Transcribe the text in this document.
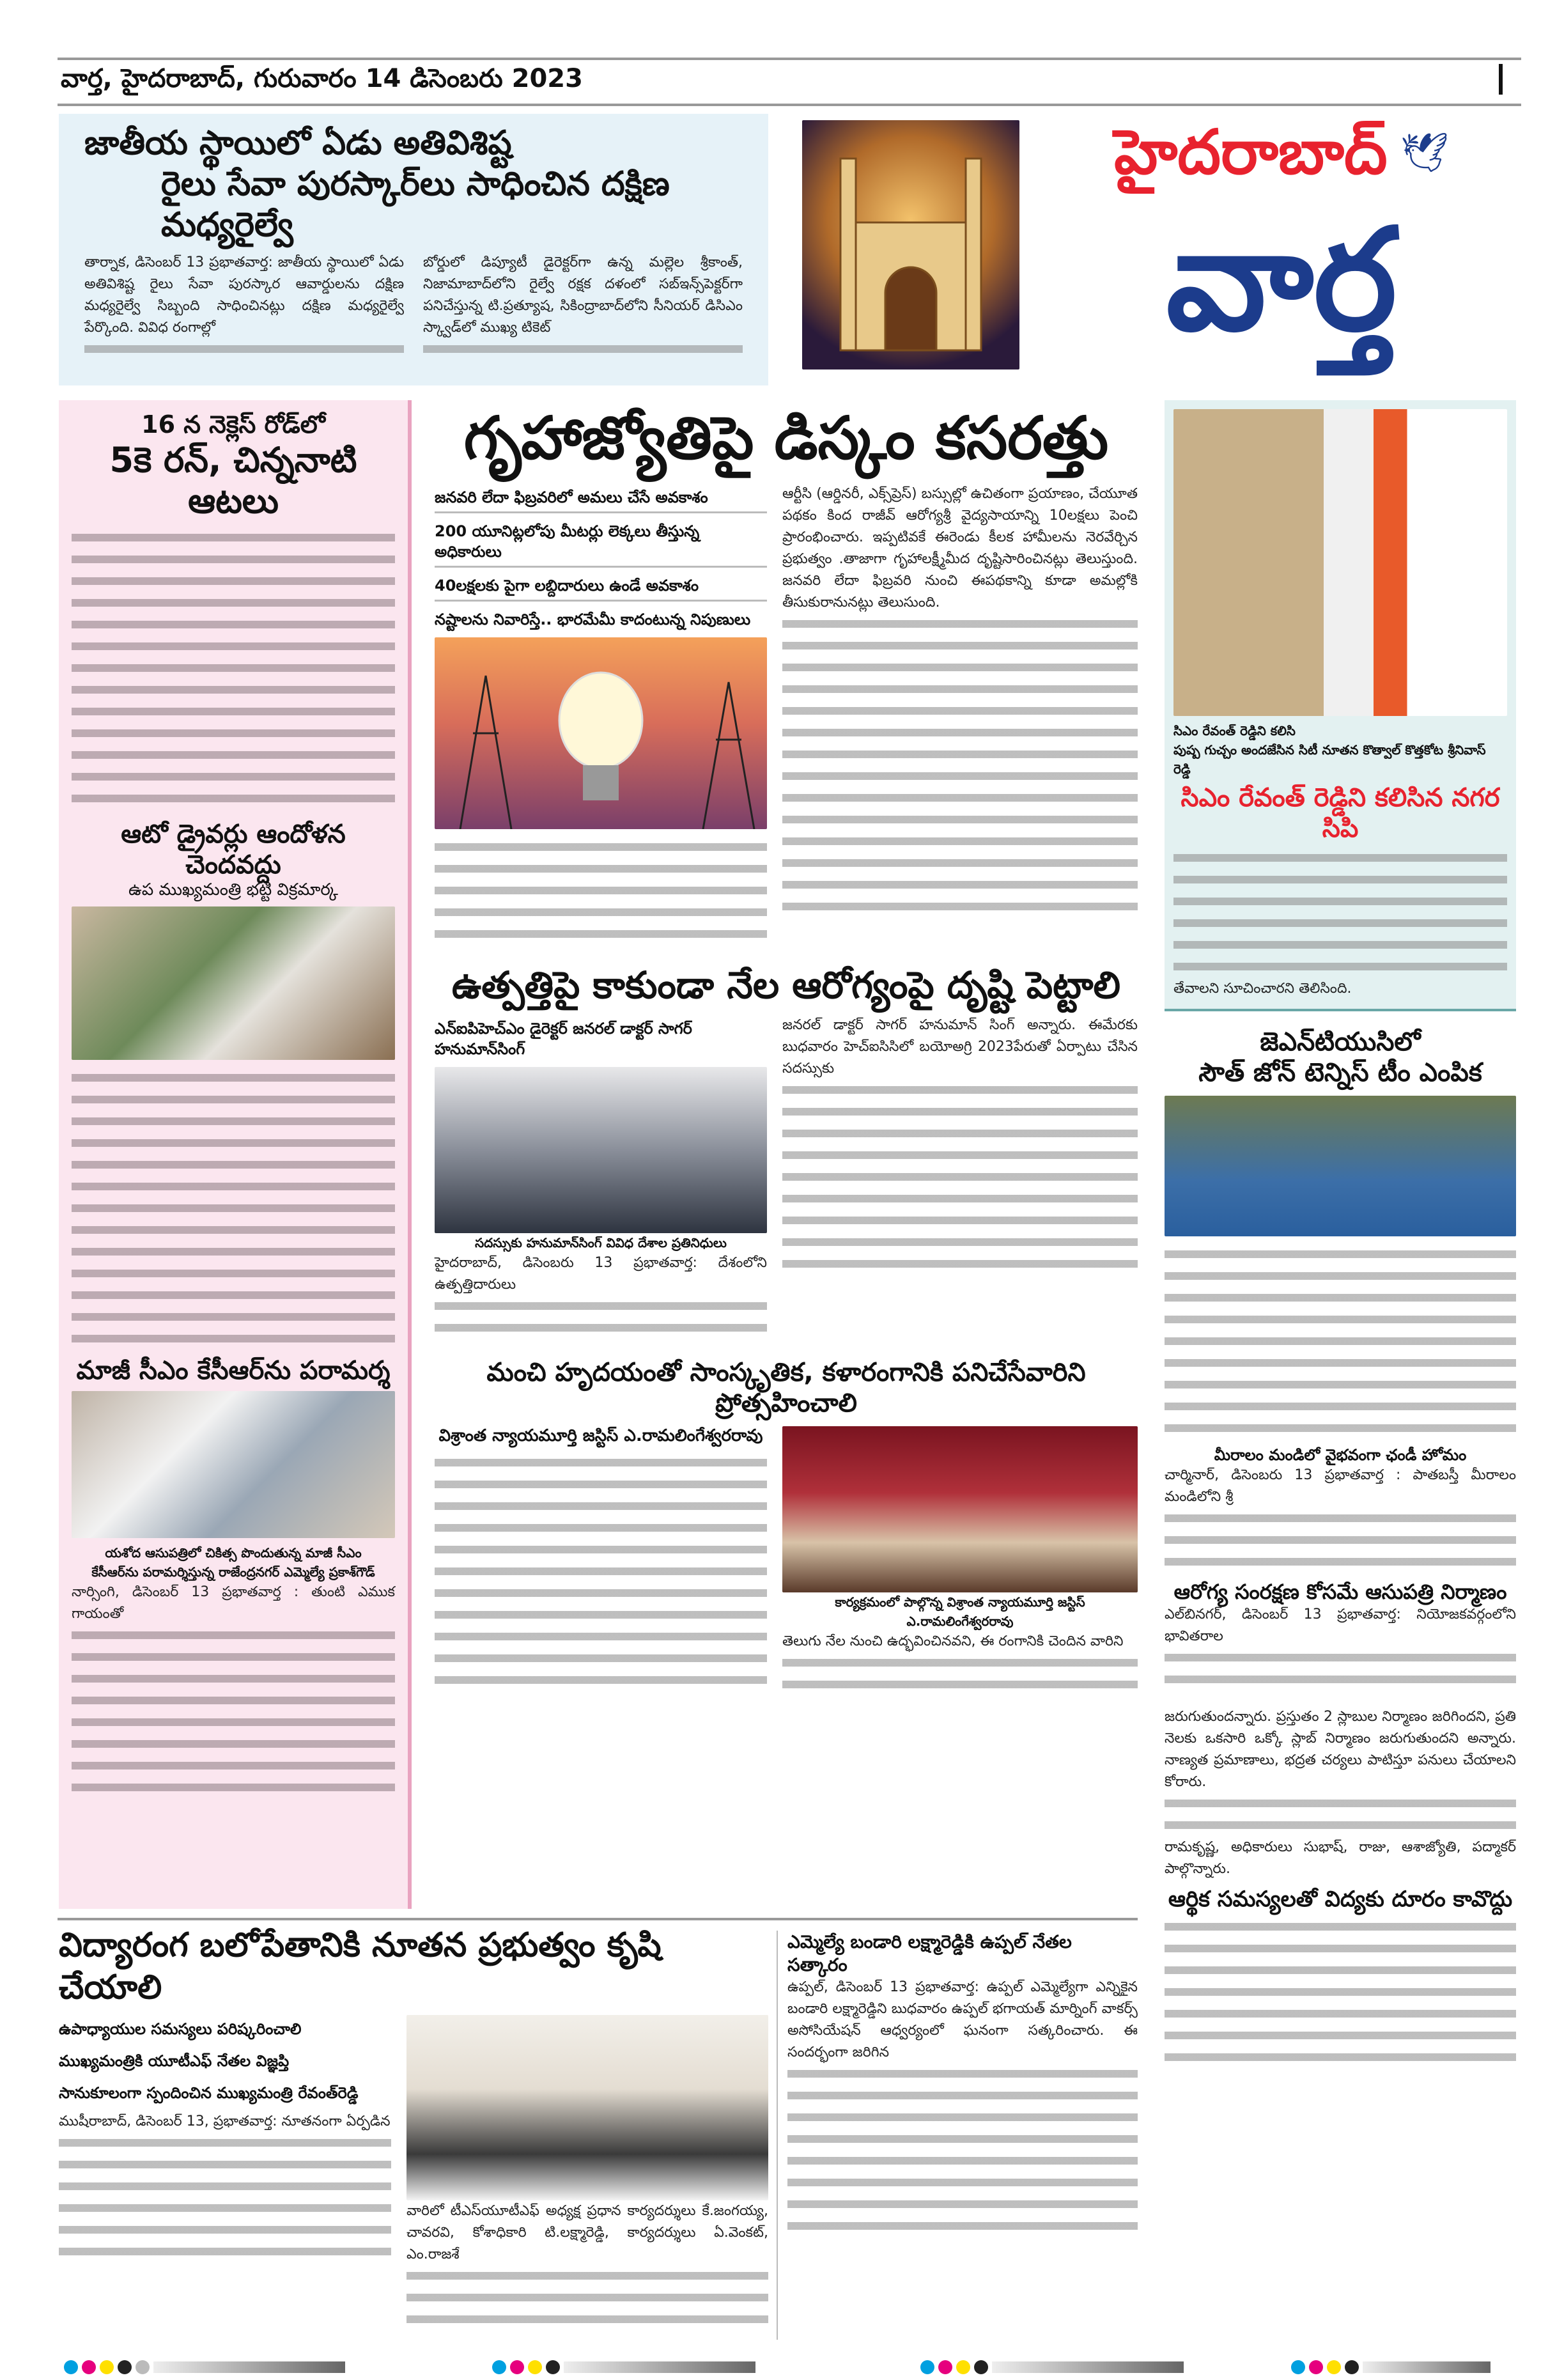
వార్త, హైదరాబాద్, గురువారం 14 డిసెంబరు 2023
జాతీయ స్థాయిలో ఏడు అతివిశిష్ట
రైలు సేవా పురస్కార్‌లు సాధించిన దక్షిణ మధ్యరైల్వే

తార్నాక, డిసెంబర్ 13 ప్రభాతవార్త: జాతీయ స్థాయిలో ఏడు అతివిశిష్ట రైలు సేవా పురస్కార ఆవార్డులను దక్షిణ మధ్యరైల్వే సిబ్బంది సాధించినట్లు దక్షిణ మధ్యరైల్వే పేర్కొంది. వివిధ రంగాల్లో

బోర్డులో డిప్యూటీ డైరెక్టర్‌గా ఉన్న మల్లెల శ్రీకాంత్, నిజామాబాద్‌లోని రైల్వే రక్షక దళంలో సబ్‌ఇన్స్‌పెక్టర్‌గా పనిచేస్తున్న టి.ప్రత్యూష, సికింద్రాబాద్‌లోని సీనియర్ డిసిఎం స్క్వాడ్‌లో ముఖ్య టికెట్

హైదరాబాద్ 🕊
వార్త
16 న నెక్లెస్ రోడ్‌లో
5కె రన్, చిన్ననాటి ఆటలు
ఆటో డ్రైవర్లు ఆందోళన చెందవద్దు
ఉప ముఖ్యమంత్రి భట్టి విక్రమార్క
మాజీ సీఎం కేసీఆర్‌ను పరామర్శ
యశోద ఆసుపత్రిలో చికిత్స పొందుతున్న మాజీ సీఎం
కేసీఆర్‌ను పరామర్శిస్తున్న రాజేంద్రనగర్ ఎమ్మెల్యే ప్రకాశ్‌గౌడ్

నార్సింగి, డిసెంబర్ 13 ప్రభాతవార్త : తుంటి ఎముక గాయంతో

గృహాజ్యోతిపై డిస్కం కసరత్తు
జనవరి లేదా ఫిబ్రవరిలో అమలు చేసే అవకాశం
200 యూనిట్లలోపు మీటర్లు లెక్కలు తీస్తున్న అధికారులు
40లక్షలకు పైగా లబ్దిదారులు ఉండే అవకాశం
నష్టాలను నివారిస్తే.. భారమేమీ కాదంటున్న నిపుణులు

ఆర్టీసి (ఆర్డినరీ, ఎక్స్‌ప్రెస్) బస్సుల్లో ఉచితంగా ప్రయాణం, చేయూత పథకం కింద రాజీవ్ ఆరోగ్యశ్రీ వైద్యసాయాన్ని 10లక్షలు పెంచి ప్రారంభించారు. ఇప్పటివకే ఈరెండు కీలక హామీలను నెరవేర్చిన ప్రభుత్వం .తాజాగా గృహాలక్ష్మీమీద దృష్టిసారించినట్లు తెలుస్తుంది. జనవరి లేదా ఫిబ్రవరి నుంచి ఈపథకాన్ని కూడా అమల్లోకి తీసుకురానునట్లు తెలుసుంది.

ఉత్పత్తిపై కాకుండా నేల ఆరోగ్యంపై దృష్టి పెట్టాలి
ఎన్‌ఐపిహెచ్‌ఎం డైరెక్టర్ జనరల్ డాక్టర్ సాగర్ హనుమాన్‌సింగ్
సదస్సుకు హనుమాన్‌సింగ్ వివిధ దేశాల ప్రతినిధులు

హైదరాబాద్, డిసెంబరు 13 ప్రభాతవార్త: దేశంలోని ఉత్పత్తిదారులు

జనరల్ డాక్టర్ సాగర్ హనుమాన్ సింగ్ అన్నారు. ఈమేరకు బుధవారం హెచ్‌ఐసిసిలో బయోఅగ్రి 2023పేరుతో ఏర్పాటు చేసిన సదస్సుకు

మంచి హృదయంతో సాంస్కృతిక, కళారంగానికి పనిచేసేవారిని ప్రోత్సహించాలి
విశ్రాంత న్యాయమూర్తి జస్టిస్ ఎ.రామలింగేశ్వరరావు
కార్యక్రమంలో పాల్గొన్న విశ్రాంత న్యాయమూర్తి జస్టిస్ ఎ.రామలింగేశ్వరరావు

తెలుగు నేల నుంచి ఉద్భవించినవని, ఈ రంగానికి చెందిన వారిని

సిఎం రేవంత్ రెడ్డిని కలిసి
పుష్ప గుచ్చం అందజేసిన సిటీ నూతన కొత్వాల్ కొత్తకోట శ్రీనివాస్ రెడ్డి
సిఎం రేవంత్ రెడ్డిని కలిసిన నగర సిపి

తేవాలని సూచించారని తెలిసింది.

జెఎన్‌టియుసిలో
సౌత్ జోన్ టెన్నిస్ టీం ఎంపిక
మీరాలం మండిలో వైభవంగా ఛండీ హోమం

చార్మినార్, డిసెంబరు 13 ప్రభాతవార్త : పాతబస్తీ మీరాలం మండిలోని శ్రీ

ఆరోగ్య సంరక్షణ కోసమే ఆసుపత్రి నిర్మాణం

ఎల్‌బినగర్, డిసెంబర్ 13 ప్రభాతవార్త: నియోజకవర్గంలోని భావితరాల

జరుగుతుందన్నారు. ప్రస్తుతం 2 స్లాబుల నిర్మాణం జరిగిందని, ప్రతి నెలకు ఒకసారి ఒక్కో స్లాబ్ నిర్మాణం జరుగుతుందని అన్నారు. నాణ్యత ప్రమాణాలు, భద్రత చర్యలు పాటిస్తూ పనులు చేయాలని కోరారు.

రామకృష్ణ, అధికారులు సుభాష్, రాజు, ఆశాజ్యోతి, పద్మాకర్ పాల్గొన్నారు.

ఆర్థిక సమస్యలతో విద్యకు దూరం కావొద్దు
విద్యారంగ బలోపేతానికి నూతన ప్రభుత్వం కృషి చేయాలి
ఉపాధ్యాయుల సమస్యలు పరిష్కరించాలి
ముఖ్యమంత్రికి యూటీఎఫ్ నేతల విజ్ఞప్తి
సానుకూలంగా స్పందించిన ముఖ్యమంత్రి రేవంత్‌రెడ్డి

ముషీరాబాద్, డిసెంబర్ 13, ప్రభాతవార్త: నూతనంగా ఏర్పడిన

వారిలో టీఎస్‌యూటీఎఫ్ అధ్యక్ష ప్రధాన కార్యదర్శులు కే.జంగయ్య, చావరవి, కోశాధికారి టి.లక్ష్మారెడ్డి, కార్యదర్శులు ఏ.వెంకట్, ఎం.రాజశే

ఎమ్మెల్యే బండారి లక్ష్మారెడ్డికి ఉప్పల్ నేతల సత్కారం

ఉప్పల్, డిసెంబర్ 13 ప్రభాతవార్త: ఉప్పల్ ఎమ్మెల్యేగా ఎన్నికైన బండారి లక్ష్మారెడ్డిని బుధవారం ఉప్పల్ భగాయత్ మార్నింగ్ వాకర్స్ అసోసియేషన్ ఆధ్వర్యంలో ఘనంగా సత్కరించారు. ఈ సందర్భంగా జరిగిన
